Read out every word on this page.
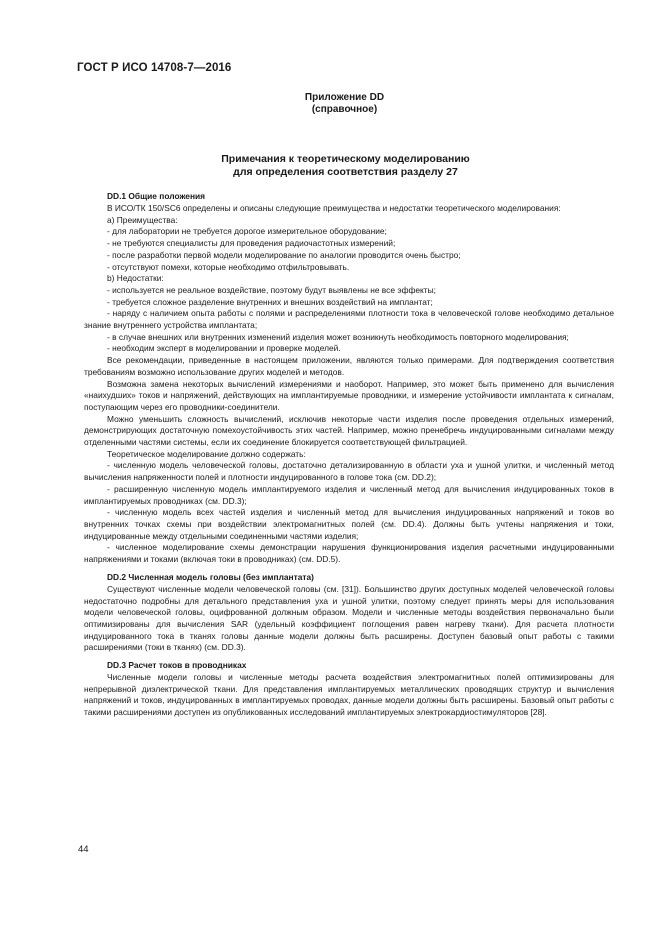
ГОСТ Р ИСО 14708-7—2016
Приложение DD
(справочное)
Примечания к теоретическому моделированию
для определения соответствия разделу 27

DD.1 Общие положения

В ИСО/ТК 150/SC6 определены и описаны следующие преимущества и недостатки теоретического моделирования:

a) Преимущества:

- для лаборатории не требуется дорогое измерительное оборудование;

- не требуются специалисты для проведения радиочастотных измерений;

- после разработки первой модели моделирование по аналогии проводится очень быстро;

- отсутствуют помехи, которые необходимо отфильтровывать.

b) Недостатки:

- используется не реальное воздействие, поэтому будут выявлены не все эффекты;

- требуется сложное разделение внутренних и внешних воздействий на имплантат;

- наряду с наличием опыта работы с полями и распределениями плотности тока в человеческой голове необходимо детальное знание внутреннего устройства имплантата;

- в случае внешних или внутренних изменений изделия может возникнуть необходимость повторного моделирования;

- необходим эксперт в моделировании и проверке моделей.

Все рекомендации, приведенные в настоящем приложении, являются только примерами. Для подтверждения соответствия требованиям возможно использование других моделей и методов.

Возможна замена некоторых вычислений измерениями и наоборот. Например, это может быть применено для вычисления «наихудших» токов и напряжений, действующих на имплантируемые проводники, и измерение устойчивости имплантата к сигналам, поступающим через его проводники-соединители.

Можно уменьшить сложность вычислений, исключив некоторые части изделия после проведения отдельных измерений, демонстрирующих достаточную помехоустойчивость этих частей. Например, можно пренебречь индуцированными сигналами между отделенными частями системы, если их соединение блокируется соответствующей фильтрацией.

Теоретическое моделирование должно содержать:

- численную модель человеческой головы, достаточно детализированную в области уха и ушной улитки, и численный метод вычисления напряженности полей и плотности индуцированного в голове тока (см. DD.2);

- расширенную численную модель имплантируемого изделия и численный метод для вычисления индуцированных токов в имплантируемых проводниках (см. DD.3);

- численную модель всех частей изделия и численный метод для вычисления индуцированных напряжений и токов во внутренних точках схемы при воздействии электромагнитных полей (см. DD.4). Должны быть учтены напряжения и токи, индуцированные между отдельными соединенными частями изделия;

- численное моделирование схемы демонстрации нарушения функционирования изделия расчетными индуцированными напряжениями и токами (включая токи в проводниках) (см. DD.5).

DD.2 Численная модель головы (без имплантата)

Существуют численные модели человеческой головы (см. [31]). Большинство других доступных моделей человеческой головы недостаточно подробны для детального представления уха и ушной улитки, поэтому следует принять меры для использования модели человеческой головы, оцифрованной должным образом. Модели и численные методы воздействия первоначально были оптимизированы для вычисления SAR (удельный коэффициент поглощения равен нагреву ткани). Для расчета плотности индуцированного тока в тканях головы данные модели должны быть расширены. Доступен базовый опыт работы с такими расширениями (токи в тканях) (см. DD.3).

DD.3 Расчет токов в проводниках

Численные модели головы и численные методы расчета воздействия электромагнитных полей оптимизированы для непрерывной диэлектрической ткани. Для представления имплантируемых металлических проводящих структур и вычисления напряжений и токов, индуцированных в имплантируемых проводах, данные модели должны быть расширены. Базовый опыт работы с такими расширениями доступен из опубликованных исследований имплантируемых электрокардиостимуляторов [28].

44
